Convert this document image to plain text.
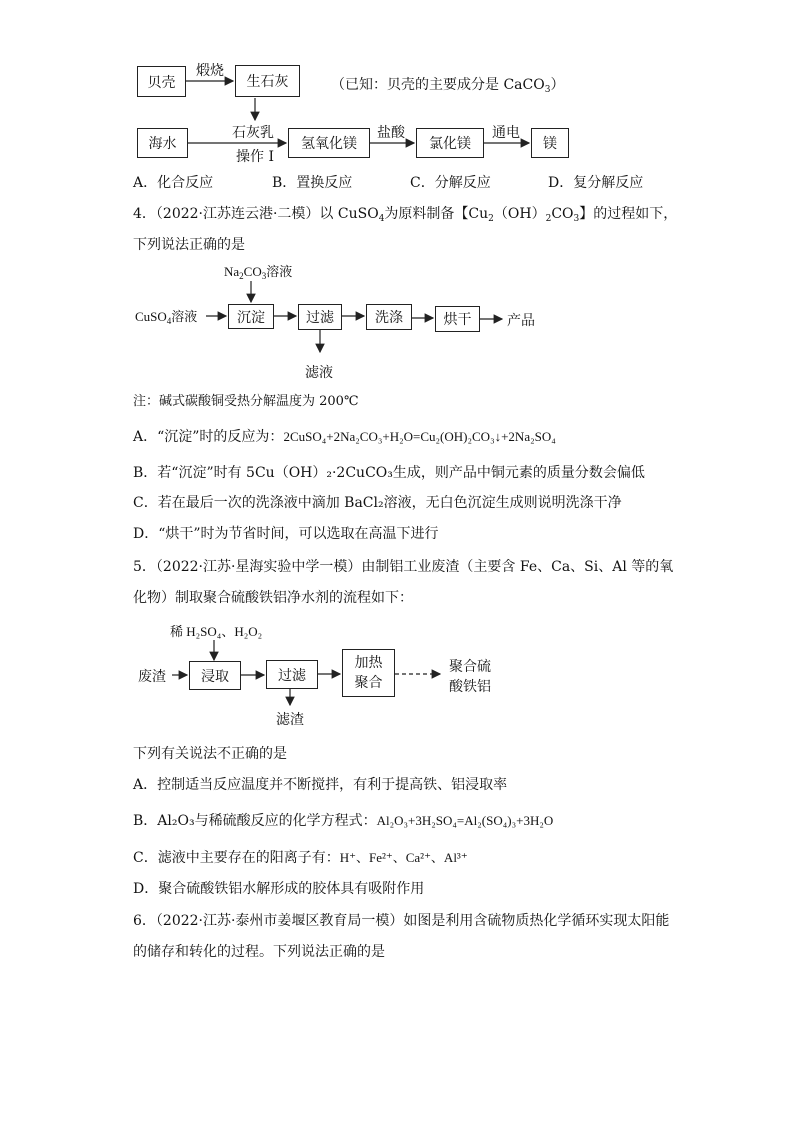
贝壳
煅烧
生石灰	（已知：贝壳的主要成分是 CaCO$_3$）
海水
石灰乳
操作 I
氢氧化镁
盐酸
氯化镁
通电
镁
A．化合反应	B．置换反应	C．分解反应	D．复分解反应
4．（2022·江苏连云港·二模）以 CuSO$_4$为原料制备【$Cu_2(OH)_2CO_3$】的过程如下，
下列说法正确的是
$Na_2CO_3$溶液
CuSO$_4$溶液	沉淀	过滤	洗涤	烘干	产品
滤液
注：碱式碳酸铜受热分解温度为 200℃
A．“沉淀”时的反应为：2CuSO₄+2Na₂CO₃+H₂O=Cu₂(OH)₂CO₃↓+2Na₂SO₄
B．若“沉淀”时有 5Cu（OH）₂·2CuCO₃生成，则产品中铜元素的质量分数会偏低
C．若在最后一次的洗涤液中滴加 BaCl₂溶液，无白色沉淀生成则说明洗涤干净
D．“烘干”时为节省时间，可以选取在高温下进行
5．（2022·江苏·星海实验中学一模）由制铝工业废渣（主要含 Fe、Ca、Si、Al 等的氧
化物）制取聚合硫酸铁铝净水剂的流程如下：
稀 H₂SO₄、H₂O₂
废渣	浸取	过滤
加热
聚合
聚合硫
酸铁铝
滤渣
下列有关说法不正确的是
A．控制适当反应温度并不断搅拌，有利于提高铁、铝浸取率
B．Al₂O₃与稀硫酸反应的化学方程式：Al₂O₃+3H₂SO₄=Al₂(SO₄)₃+3H₂O
C．滤液中主要存在的阳离子有：H⁺、Fe²⁺、Ca²⁺、Al³⁺
D．聚合硫酸铁铝水解形成的胶体具有吸附作用
6．（2022·江苏·泰州市姜堰区教育局一模）如图是利用含硫物质热化学循环实现太阳能
的储存和转化的过程。下列说法正确的是
